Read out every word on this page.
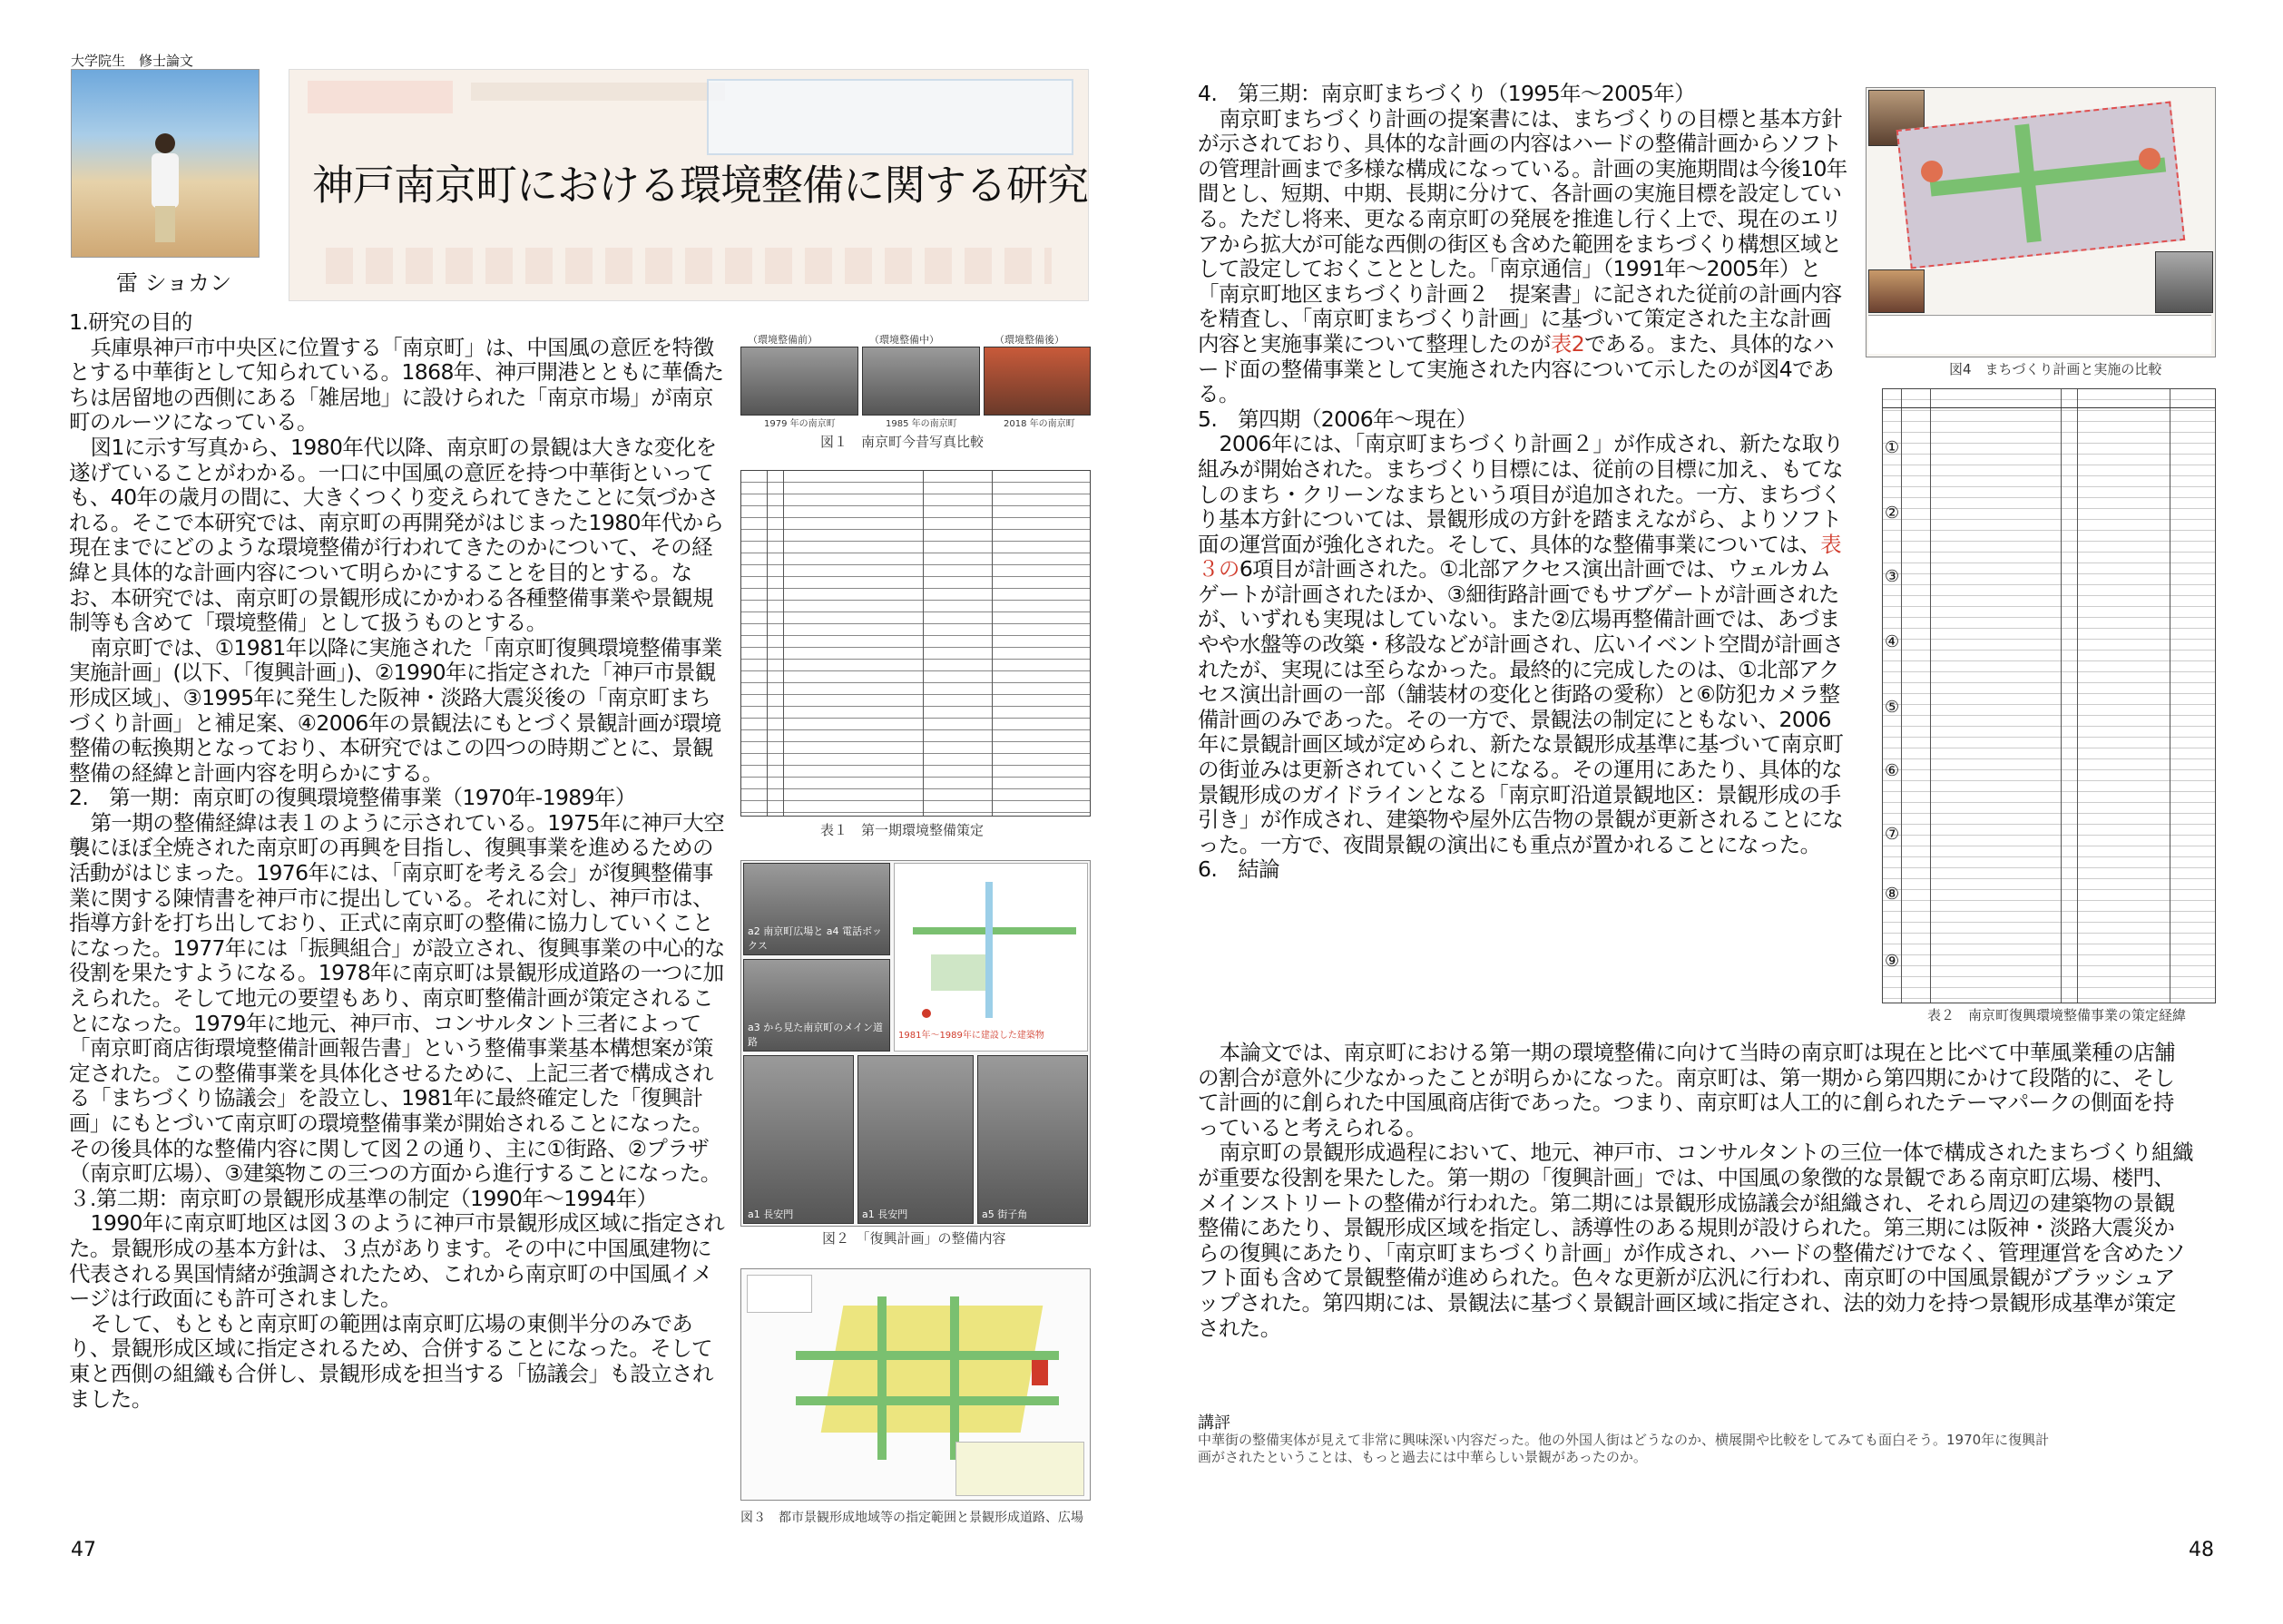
大学院生　修士論文
雷 ショカン
神戸南京町における環境整備に関する研究
1.研究の目的

兵庫県神戸市中央区に位置する「南京町」は、中国風の意匠を特徴とする中華街として知られている。1868年、神戸開港とともに華僑たちは居留地の西側にある「雑居地」に設けられた「南京市場」が南京町のルーツになっている。

図1に示す写真から、1980年代以降、南京町の景観は大きな変化を遂げていることがわかる。一口に中国風の意匠を持つ中華街といっても、40年の歳月の間に、大きくつくり変えられてきたことに気づかされる。そこで本研究では、南京町の再開発がはじまった1980年代から現在までにどのような環境整備が行われてきたのかについて、その経緯と具体的な計画内容について明らかにすることを目的とする。なお、本研究では、南京町の景観形成にかかわる各種整備事業や景観規制等も含めて「環境整備」として扱うものとする。

南京町では、①1981年以降に実施された「南京町復興環境整備事業実施計画」(以下、「復興計画」)、②1990年に指定された「神戸市景観形成区域」、③1995年に発生した阪神・淡路大震災後の「南京町まちづくり計画」と補足案、④2006年の景観法にもとづく景観計画が環境整備の転換期となっており、本研究ではこの四つの時期ごとに、景観整備の経緯と計画内容を明らかにする。

2.　第一期：南京町の復興環境整備事業（1970年-1989年）

第一期の整備経緯は表１のように示されている。1975年に神戸大空襲にほぼ全焼された南京町の再興を目指し、復興事業を進めるための活動がはじまった。1976年には、「南京町を考える会」が復興整備事業に関する陳情書を神戸市に提出している。それに対し、神戸市は、指導方針を打ち出しており、正式に南京町の整備に協力していくことになった。1977年には「振興組合」が設立され、復興事業の中心的な役割を果たすようになる。1978年に南京町は景観形成道路の一つに加えられた。そして地元の要望もあり、南京町整備計画が策定されることになった。1979年に地元、神戸市、コンサルタント三者によって「南京町商店街環境整備計画報告書」という整備事業基本構想案が策定された。この整備事業を具体化させるために、上記三者で構成される「まちづくり協議会」を設立し、1981年に最終確定した「復興計画」にもとづいて南京町の環境整備事業が開始されることになった。その後具体的な整備内容に関して図２の通り、主に①街路、②プラザ（南京町広場）、③建築物この三つの方面から進行することになった。

３.第二期：南京町の景観形成基準の制定（1990年～1994年）

1990年に南京町地区は図３のように神戸市景観形成区域に指定された。景観形成の基本方針は、３点があります。その中に中国風建物に代表される異国情緒が強調されたため、これから南京町の中国風イメージは行政面にも許可されました。

そして、もともと南京町の範囲は南京町広場の東側半分のみであり、景観形成区域に指定されるため、合併することになった。そして東と西側の組織も合併し、景観形成を担当する「協議会」も設立されました。

47
（環境整備前）	（環境整備中）	（環境整備後）
1979 年の南京町	1985 年の南京町	2018 年の南京町
図１　南京町今昔写真比較
表１　第一期環境整備策定
a2 南京町広場と a4 電話ボックス
a3 から見た南京町のメイン道路
a1 長安門	a1 長安門	a5 街子角
1981年～1989年に建設した建築物
図２　「復興計画」の整備内容
図３　都市景観形成地域等の指定範囲と景観形成道路、広場
4.　第三期：南京町まちづくり（1995年～2005年）

南京町まちづくり計画の提案書には、まちづくりの目標と基本方針が示されており、具体的な計画の内容はハードの整備計画からソフトの管理計画まで多様な構成になっている。計画の実施期間は今後10年間とし、短期、中期、長期に分けて、各計画の実施目標を設定している。ただし将来、更なる南京町の発展を推進し行く上で、現在のエリアから拡大が可能な西側の街区も含めた範囲をまちづくり構想区域として設定しておくこととした。「南京通信」（1991年～2005年）と「南京町地区まちづくり計画２　提案書」に記された従前の計画内容を精査し、「南京町まちづくり計画」に基づいて策定された主な計画内容と実施事業について整理したのが表2である。また、具体的なハード面の整備事業として実施された内容について示したのが図4である。

5.　第四期（2006年～現在）

2006年には、「南京町まちづくり計画２」が作成され、新たな取り組みが開始された。まちづくり目標には、従前の目標に加え、もてなしのまち・クリーンなまちという項目が追加された。一方、まちづくり基本方針については、景観形成の方針を踏まえながら、よりソフト面の運営面が強化された。そして、具体的な整備事業については、表３の6項目が計画された。①北部アクセス演出計画では、ウェルカムゲートが計画されたほか、③細街路計画でもサブゲートが計画されたが、いずれも実現はしていない。また②広場再整備計画では、あづまやや水盤等の改築・移設などが計画され、広いイベント空間が計画されたが、実現には至らなかった。最終的に完成したのは、①北部アクセス演出計画の一部（舗装材の変化と街路の愛称）と⑥防犯カメラ整備計画のみであった。その一方で、景観法の制定にともない、2006年に景観計画区域が定められ、新たな景観形成基準に基づいて南京町の街並みは更新されていくことになる。その運用にあたり、具体的な景観形成のガイドラインとなる「南京町沿道景観地区：景観形成の手引き」が作成され、建築物や屋外広告物の景観が更新されることになった。一方で、夜間景観の演出にも重点が置かれることになった。

6.　結論

本論文では、南京町における第一期の環境整備に向けて当時の南京町は現在と比べて中華風業種の店舗の割合が意外に少なかったことが明らかになった。南京町は、第一期から第四期にかけて段階的に、そして計画的に創られた中国風商店街であった。つまり、南京町は人工的に創られたテーマパークの側面を持っていると考えられる。

南京町の景観形成過程において、地元、神戸市、コンサルタントの三位一体で構成されたまちづくり組織が重要な役割を果たした。第一期の「復興計画」では、中国風の象徴的な景観である南京町広場、楼門、メインストリートの整備が行われた。第二期には景観形成協議会が組織され、それら周辺の建築物の景観整備にあたり、景観形成区域を指定し、誘導性のある規則が設けられた。第三期には阪神・淡路大震災からの復興にあたり、「南京町まちづくり計画」が作成され、ハードの整備だけでなく、管理運営を含めたソフト面も含めて景観整備が進められた。色々な更新が広汎に行われ、南京町の中国風景観がブラッシュアップされた。第四期には、景観法に基づく景観計画区域に指定され、法的効力を持つ景観形成基準が策定された。

講評
中華街の整備実体が見えて非常に興味深い内容だった。他の外国人街はどうなのか、横展開や比較をしてみても面白そう。1970年に復興計画がされたということは、もっと過去には中華らしい景観があったのか。
48
図4　まちづくり計画と実施の比較
①
②
③
④
⑤
⑥
⑦
⑧
⑨
表２　南京町復興環境整備事業の策定経緯
